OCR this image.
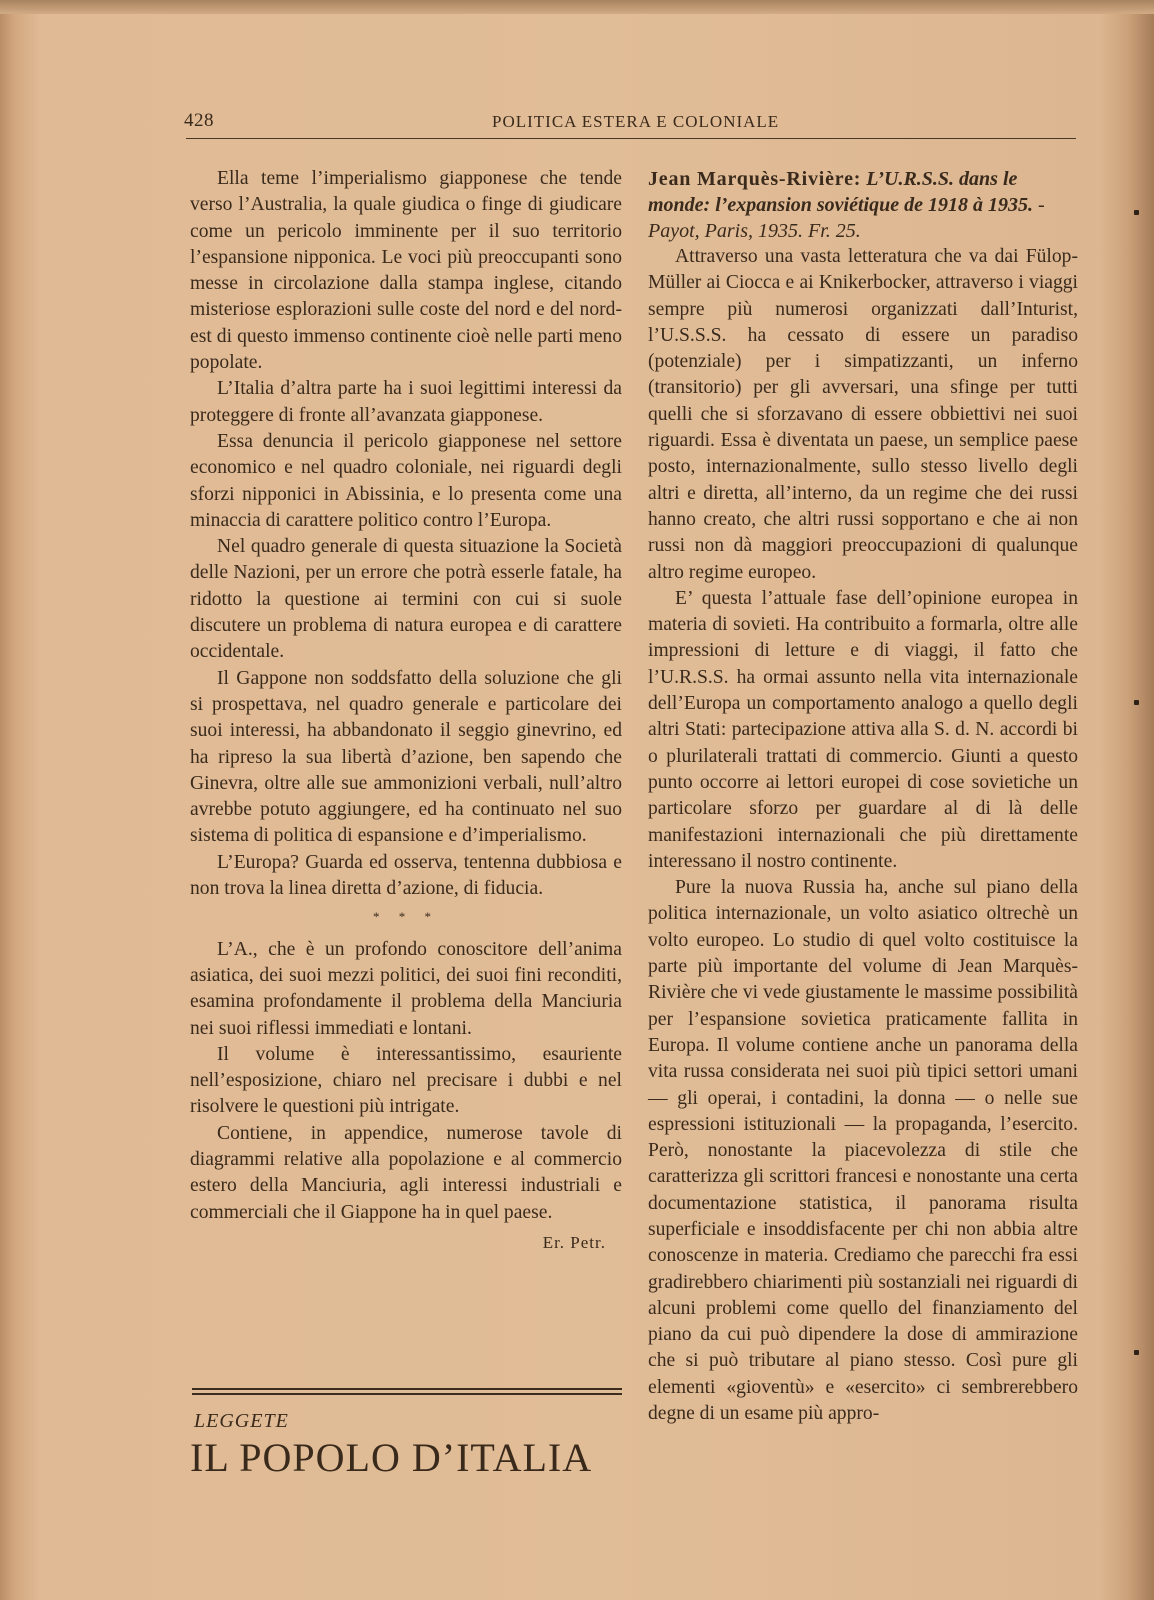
428	POLITICA ESTERA E COLONIALE

Ella teme l’imperialismo giapponese che tende verso l’Australia, la quale giudica o finge di giudicare come un pericolo imminente per il suo territorio l’espansione nipponica. Le voci più preoccupanti sono messe in circolazione dalla stampa inglese, citando misteriose esplorazioni sulle coste del nord e del nord-est di questo immenso continente cioè nelle parti meno popolate.

L’Italia d’altra parte ha i suoi legittimi interessi da proteggere di fronte all’avanzata giapponese.

Essa denuncia il pericolo giapponese nel settore economico e nel quadro coloniale, nei riguardi degli sforzi nipponici in Abissinia, e lo presenta come una minaccia di carattere politico contro l’Europa.

Nel quadro generale di questa situazione la Società delle Nazioni, per un errore che potrà esserle fatale, ha ridotto la questione ai termini con cui si suole discutere un problema di natura europea e di carattere occidentale.

Il Gappone non soddsfatto della soluzione che gli si prospettava, nel quadro generale e particolare dei suoi interessi, ha abbandonato il seggio ginevrino, ed ha ripreso la sua libertà d’azione, ben sapendo che Ginevra, oltre alle sue ammonizioni verbali, null’altro avrebbe potuto aggiungere, ed ha continuato nel suo sistema di politica di espansione e d’imperialismo.

L’Europa? Guarda ed osserva, tentenna dubbiosa e non trova la linea diretta d’azione, di fiducia.

* * *

L’A., che è un profondo conoscitore dell’anima asiatica, dei suoi mezzi politici, dei suoi fini reconditi, esamina profondamente il problema della Manciuria nei suoi riflessi immediati e lontani.

Il volume è interessantissimo, esauriente nell’esposizione, chiaro nel precisare i dubbi e nel risolvere le questioni più intrigate.

Contiene, in appendice, numerose tavole di diagrammi relative alla popolazione e al commercio estero della Manciuria, agli interessi industriali e commerciali che il Giappone ha in quel paese.

Er. Petr.
LEGGETE
IL POPOLO D’ITALIA

Jean Marquès-Rivière: L’U.R.S.S. dans le monde: l’expansion soviétique de 1918 à 1935. - Payot, Paris, 1935. Fr. 25.

Attraverso una vasta letteratura che va dai Fülop-Müller ai Ciocca e ai Knikerbocker, attraverso i viaggi sempre più numerosi organizzati dall’Inturist, l’U.S.S.S. ha cessato di essere un paradiso (potenziale) per i simpatizzanti, un inferno (transitorio) per gli avversari, una sfinge per tutti quelli che si sforzavano di essere obbiettivi nei suoi riguardi. Essa è diventata un paese, un semplice paese posto, internazionalmente, sullo stesso livello degli altri e diretta, all’interno, da un regime che dei russi hanno creato, che altri russi sopportano e che ai non russi non dà maggiori preoccupazioni di qualunque altro regime europeo.

E’ questa l’attuale fase dell’opinione europea in materia di sovieti. Ha contribuito a formarla, oltre alle impressioni di letture e di viaggi, il fatto che l’U.R.S.S. ha ormai assunto nella vita internazionale dell’Europa un comportamento analogo a quello degli altri Stati: partecipazione attiva alla S. d. N. accordi bi o plurilaterali trattati di commercio. Giunti a questo punto occorre ai lettori europei di cose sovietiche un particolare sforzo per guardare al di là delle manifestazioni internazionali che più direttamente interessano il nostro continente.

Pure la nuova Russia ha, anche sul piano della politica internazionale, un volto asiatico oltrechè un volto europeo. Lo studio di quel volto costituisce la parte più importante del volume di Jean Marquès-Rivière che vi vede giustamente le massime possibilità per l’espansione sovietica praticamente fallita in Europa. Il volume contiene anche un panorama della vita russa considerata nei suoi più tipici settori umani — gli operai, i contadini, la donna — o nelle sue espressioni istituzionali — la propaganda, l’esercito. Però, nonostante la piacevolezza di stile che caratterizza gli scrittori francesi e nonostante una certa documentazione statistica, il panorama risulta superficiale e insoddisfacente per chi non abbia altre conoscenze in materia. Crediamo che parecchi fra essi gradirebbero chiarimenti più sostanziali nei riguardi di alcuni problemi come quello del finanziamento del piano da cui può dipendere la dose di ammirazione che si può tributare al piano stesso. Così pure gli elementi «gioventù» e «esercito» ci sembrerebbero degne di un esame più appro-
